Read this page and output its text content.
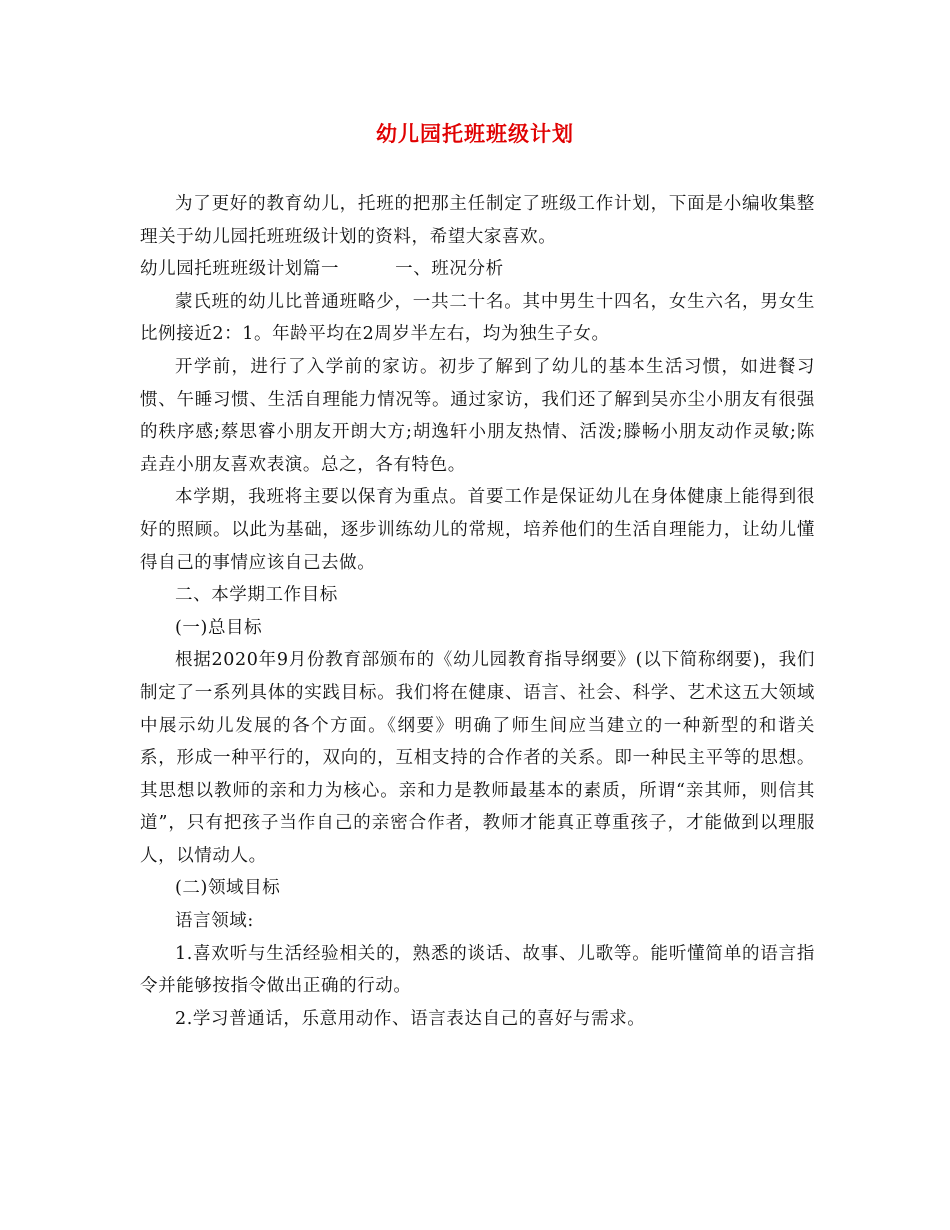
幼儿园托班班级计划

为了更好的教育幼儿，托班的把那主任制定了班级工作计划，下面是小编收集整理关于幼儿园托班班级计划的资料，希望大家喜欢。

幼儿园托班班级计划篇一	一、班况分析

蒙氏班的幼儿比普通班略少，一共二十名。其中男生十四名，女生六名，男女生比例接近2：1。年龄平均在2周岁半左右，均为独生子女。

开学前，进行了入学前的家访。初步了解到了幼儿的基本生活习惯，如进餐习惯、午睡习惯、生活自理能力情况等。通过家访，我们还了解到吴亦尘小朋友有很强的秩序感;蔡思睿小朋友开朗大方;胡逸轩小朋友热情、活泼;滕畅小朋友动作灵敏;陈垚垚小朋友喜欢表演。总之，各有特色。

本学期，我班将主要以保育为重点。首要工作是保证幼儿在身体健康上能得到很好的照顾。以此为基础，逐步训练幼儿的常规，培养他们的生活自理能力，让幼儿懂得自己的事情应该自己去做。

二、本学期工作目标

(一)总目标

根据2020年9月份教育部颁布的《幼儿园教育指导纲要》(以下简称纲要)，我们制定了一系列具体的实践目标。我们将在健康、语言、社会、科学、艺术这五大领域中展示幼儿发展的各个方面。《纲要》明确了师生间应当建立的一种新型的和谐关系，形成一种平行的，双向的，互相支持的合作者的关系。即一种民主平等的思想。其思想以教师的亲和力为核心。亲和力是教师最基本的素质，所谓“亲其师，则信其道”，只有把孩子当作自己的亲密合作者，教师才能真正尊重孩子，才能做到以理服人，以情动人。

(二)领域目标

语言领域:

1.喜欢听与生活经验相关的，熟悉的谈话、故事、儿歌等。能听懂简单的语言指令并能够按指令做出正确的行动。

2.学习普通话，乐意用动作、语言表达自己的喜好与需求。
